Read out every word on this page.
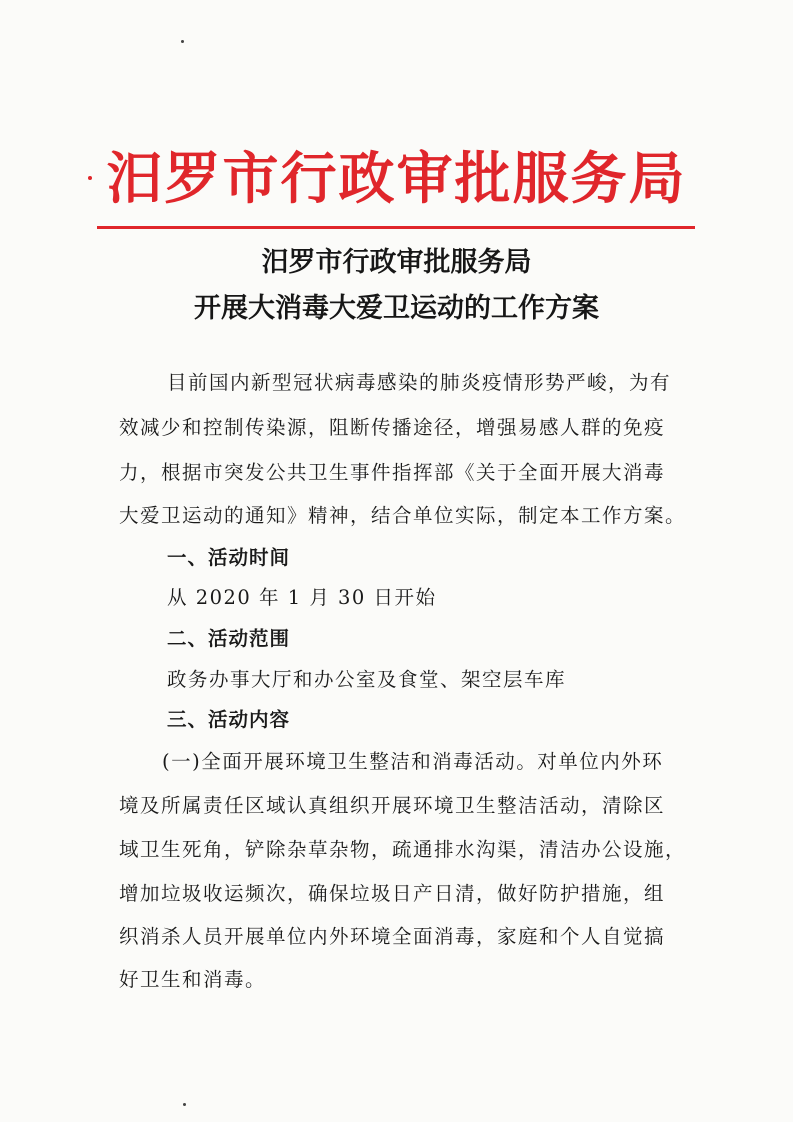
汨罗市行政审批服务局
汨罗市行政审批服务局
开展大消毒大爱卫运动的工作方案
目前国内新型冠状病毒感染的肺炎疫情形势严峻，为有
效减少和控制传染源，阻断传播途径，增强易感人群的免疫
力，根据市突发公共卫生事件指挥部《关于全面开展大消毒
大爱卫运动的通知》精神，结合单位实际，制定本工作方案。
一、活动时间
从 2020 年 1 月 30 日开始
二、活动范围
政务办事大厅和办公室及食堂、架空层车库
三、活动内容
(一)全面开展环境卫生整洁和消毒活动。对单位内外环
境及所属责任区域认真组织开展环境卫生整洁活动，清除区
域卫生死角，铲除杂草杂物，疏通排水沟渠，清洁办公设施，
增加垃圾收运频次，确保垃圾日产日清，做好防护措施，组
织消杀人员开展单位内外环境全面消毒，家庭和个人自觉搞
好卫生和消毒。
